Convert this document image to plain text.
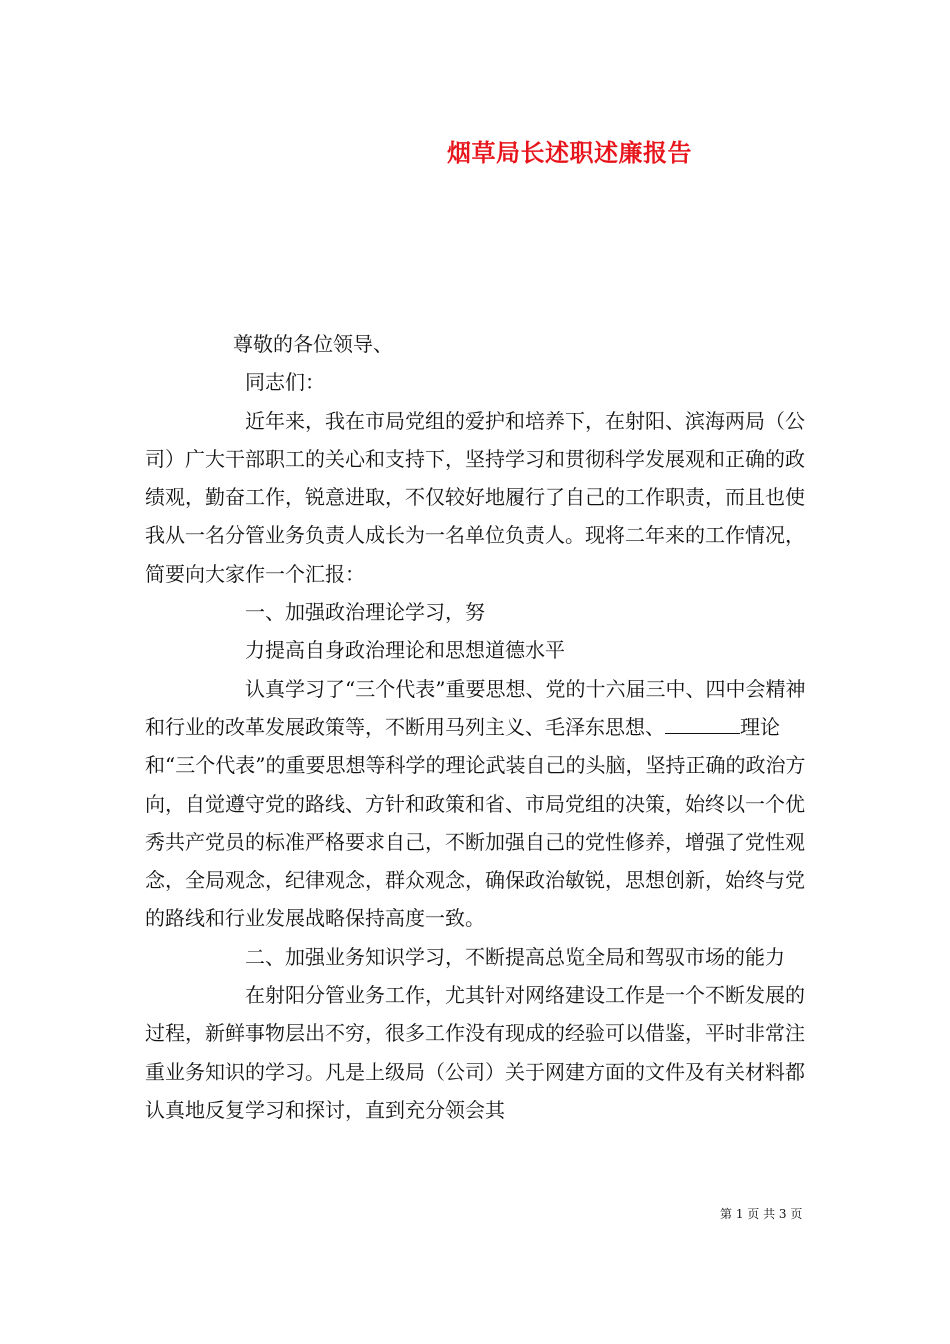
烟草局长述职述廉报告

尊敬的各位领导、

同志们：

近年来，我在市局党组的爱护和培养下，在射阳、滨海两局（公司）广大干部职工的关心和支持下，坚持学习和贯彻科学发展观和正确的政绩观，勤奋工作，锐意进取，不仅较好地履行了自己的工作职责，而且也使我从一名分管业务负责人成长为一名单位负责人。现将二年来的工作情况，简要向大家作一个汇报：

一、加强政治理论学习，努

力提高自身政治理论和思想道德水平

认真学习了“三个代表”重要思想、党的十六届三中、四中会精神和行业的改革发展政策等，不断用马列主义、毛泽东思想、	理论和“三个代表”的重要思想等科学的理论武装自己的头脑，坚持正确的政治方向，自觉遵守党的路线、方针和政策和省、市局党组的决策，始终以一个优秀共产党员的标准严格要求自己，不断加强自己的党性修养，增强了党性观念，全局观念，纪律观念，群众观念，确保政治敏锐，思想创新，始终与党的路线和行业发展战略保持高度一致。

二、加强业务知识学习，不断提高总览全局和驾驭市场的能力

在射阳分管业务工作，尤其针对网络建设工作是一个不断发展的过程，新鲜事物层出不穷，很多工作没有现成的经验可以借鉴，平时非常注重业务知识的学习。凡是上级局（公司）关于网建方面的文件及有关材料都认真地反复学习和探讨，直到充分领会其

第 1 页 共 3 页
